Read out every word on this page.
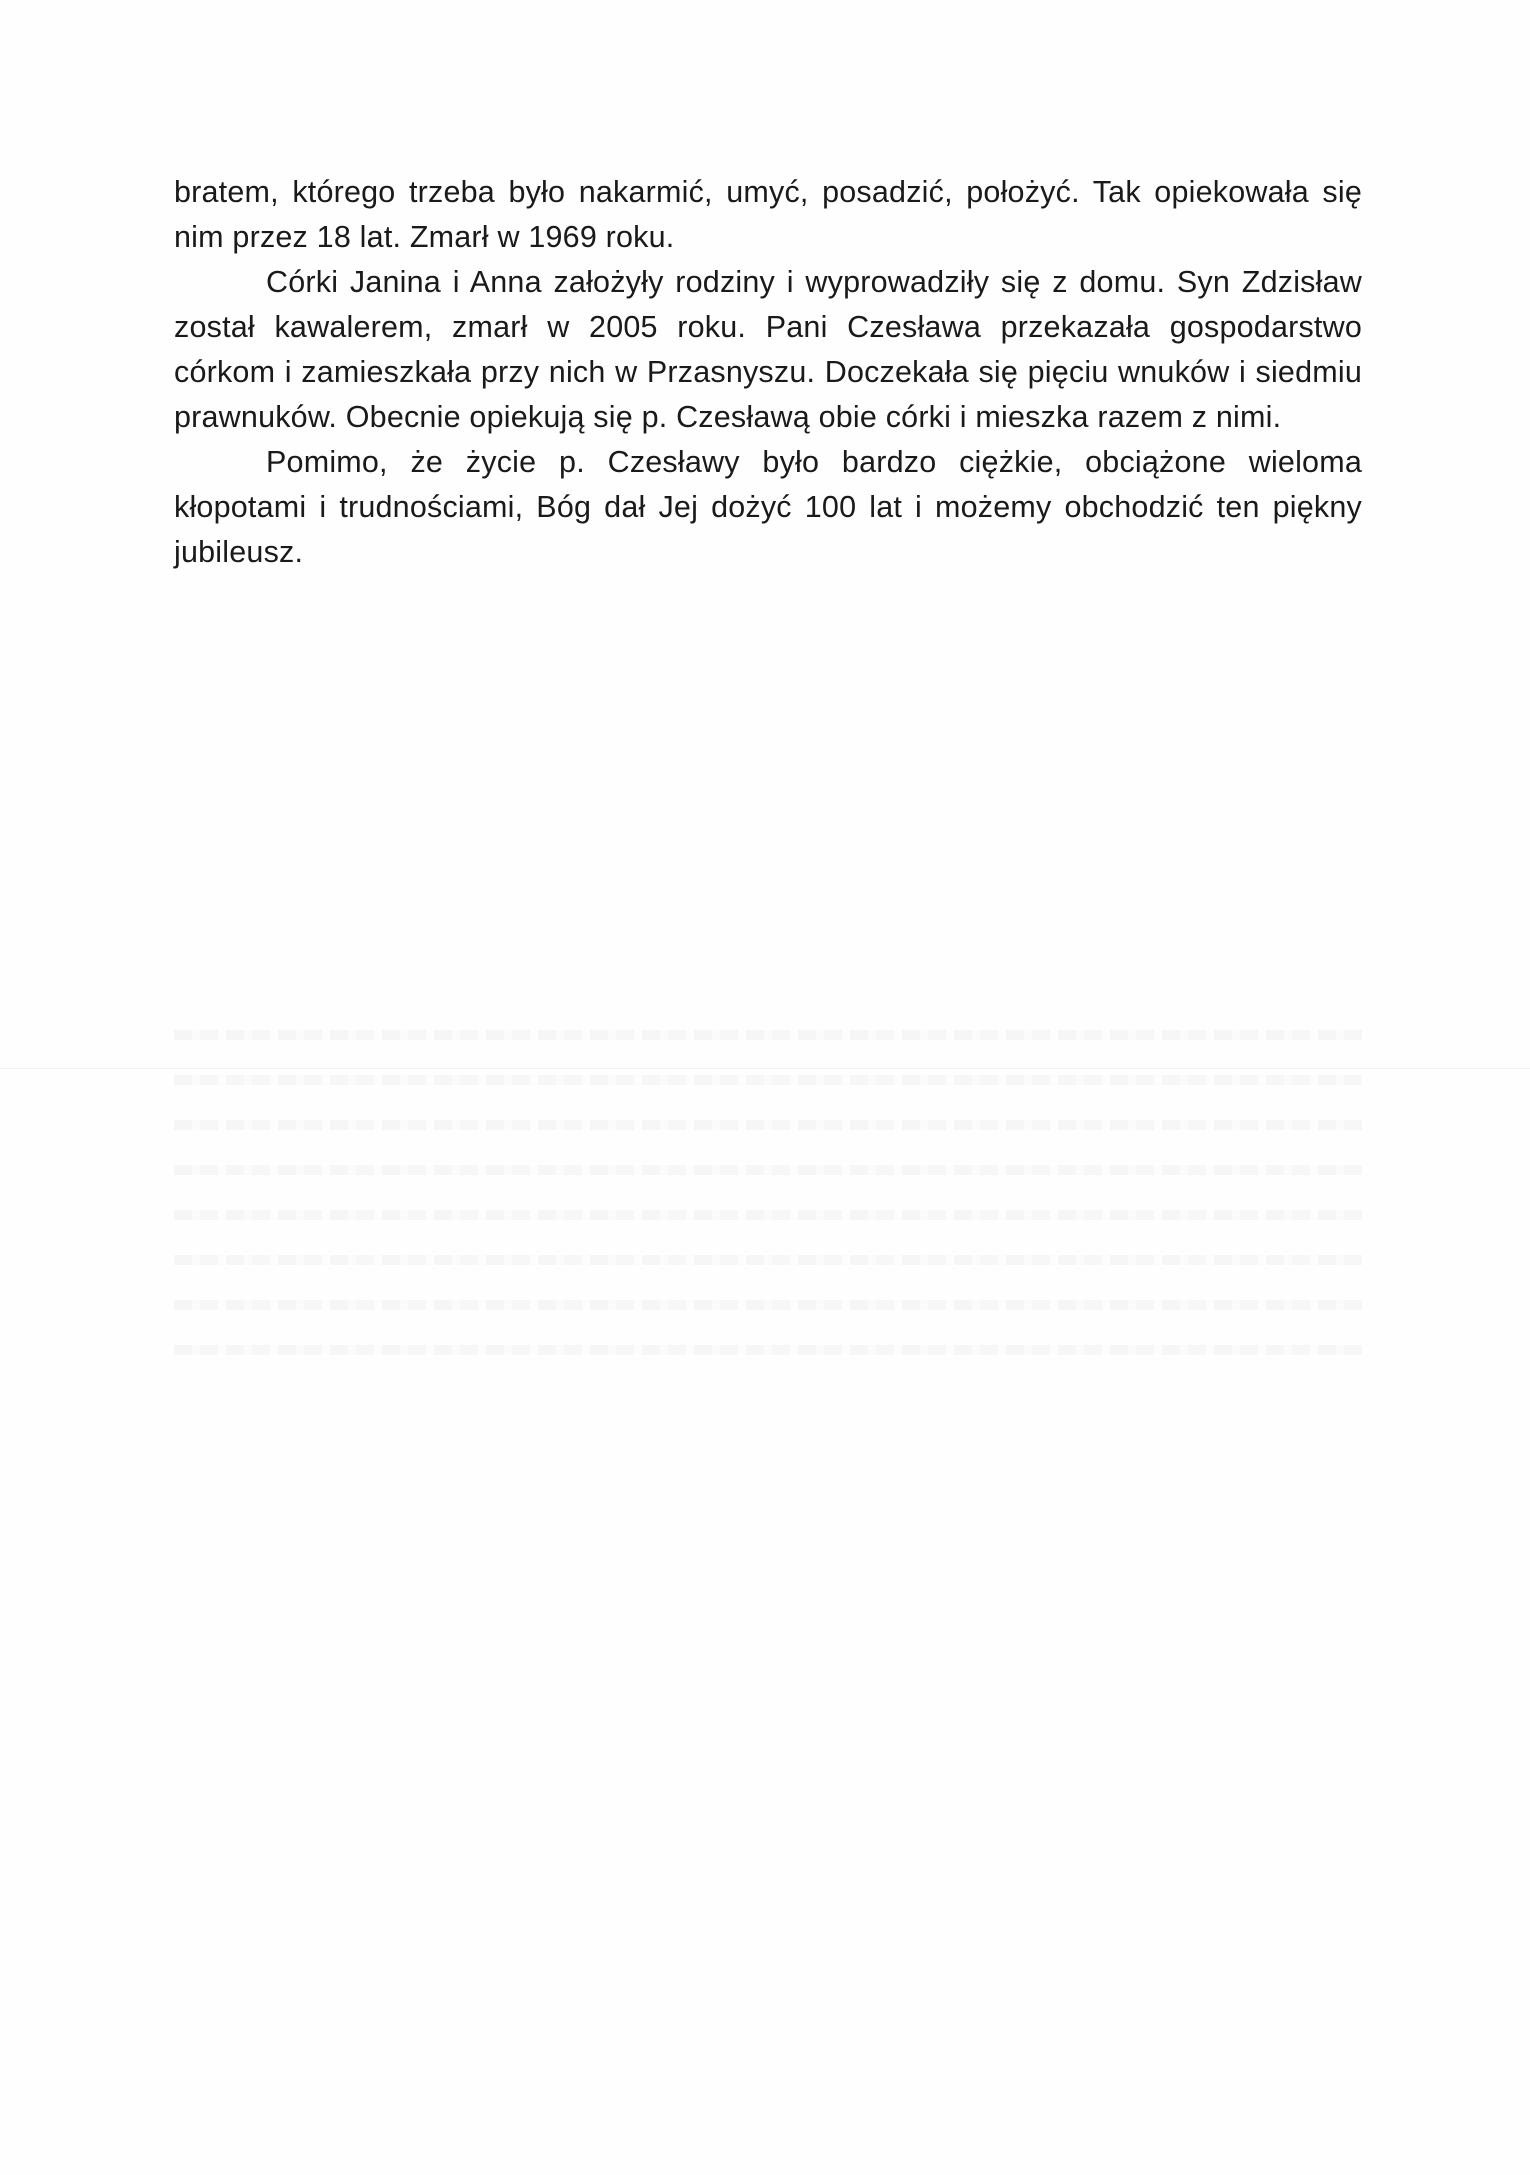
bratem, którego trzeba było nakarmić, umyć, posadzić, położyć. Tak opiekowała się nim przez 18 lat. Zmarł w 1969 roku.

Córki Janina i Anna założyły rodziny i wyprowadziły się z domu. Syn Zdzisław został kawalerem, zmarł w 2005 roku. Pani Czesława przekazała gospodarstwo córkom i zamieszkała przy nich w Przasnyszu. Doczekała się pięciu wnuków i siedmiu prawnuków. Obecnie opiekują się p. Czesławą obie córki i mieszka razem z nimi.

Pomimo, że życie p. Czesławy było bardzo ciężkie, obciążone wieloma kłopotami i trudnościami, Bóg dał Jej dożyć 100 lat i możemy obchodzić ten piękny jubileusz.
